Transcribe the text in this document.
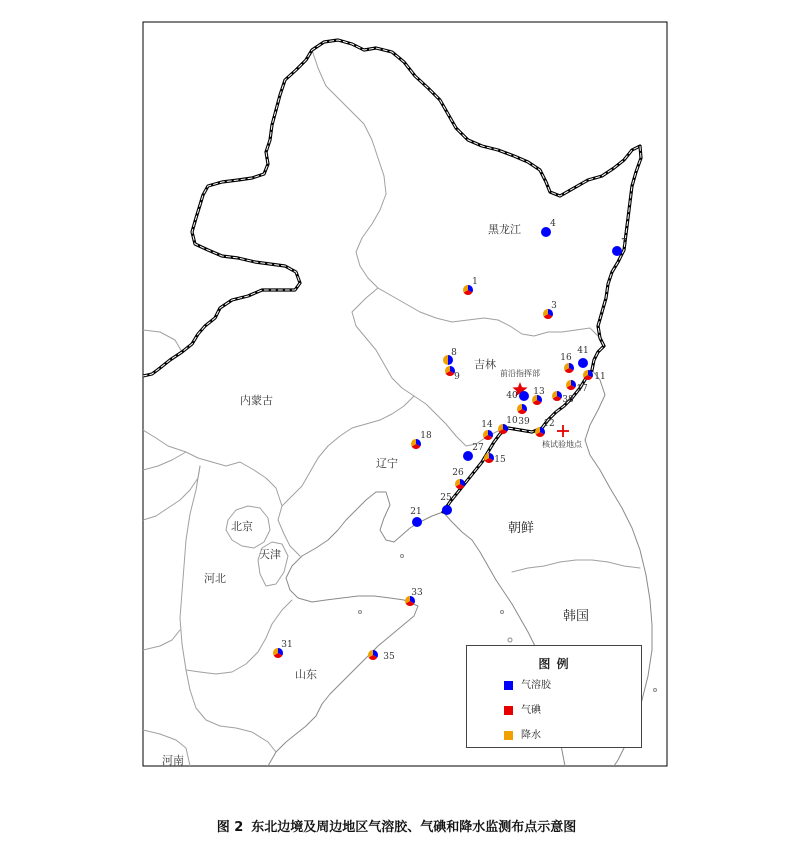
4
7
1
3
8
9
41
16
11
17
40 13
38
39
10	12
14
18
27
15
26
25
21
33
31
35
黑龙江
吉林
内蒙古
辽宁
北京
天津
河北
山东
朝鲜
韩国
河南
前沿指挥部
核试验地点
图 例
气溶胶
气碘
降水
图 2 东北边境及周边地区气溶胶、气碘和降水监测布点示意图
